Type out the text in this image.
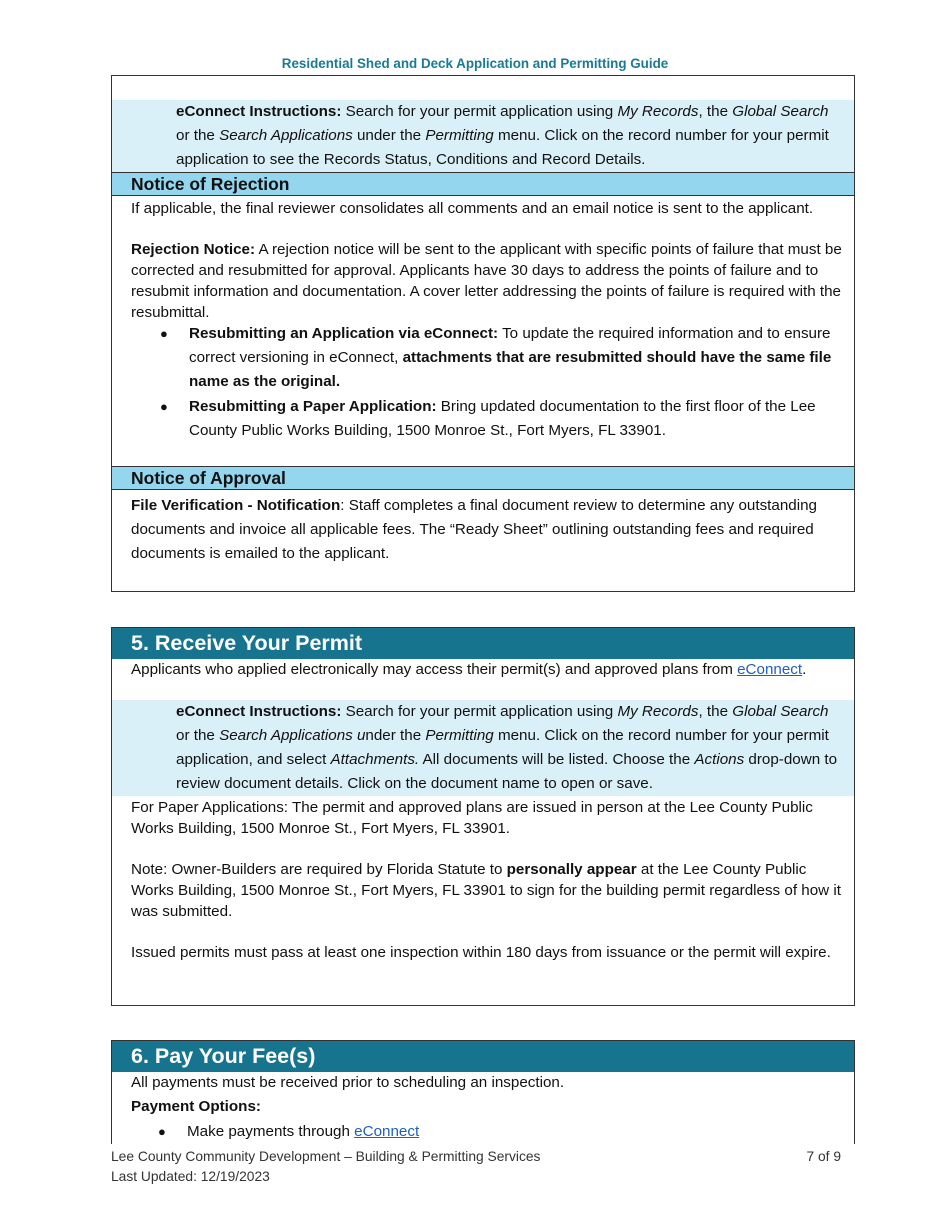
Residential Shed and Deck Application and Permitting Guide
eConnect Instructions: Search for your permit application using My Records, the Global Search or the Search Applications under the Permitting menu. Click on the record number for your permit application to see the Records Status, Conditions and Record Details.
Notice of Rejection
If applicable, the final reviewer consolidates all comments and an email notice is sent to the applicant.
Rejection Notice: A rejection notice will be sent to the applicant with specific points of failure that must be corrected and resubmitted for approval. Applicants have 30 days to address the points of failure and to resubmit information and documentation. A cover letter addressing the points of failure is required with the resubmittal.
● Resubmitting an Application via eConnect: To update the required information and to ensure correct versioning in eConnect, attachments that are resubmitted should have the same file name as the original.
● Resubmitting a Paper Application: Bring updated documentation to the first floor of the Lee County Public Works Building, 1500 Monroe St., Fort Myers, FL 33901.
Notice of Approval
File Verification - Notification: Staff completes a final document review to determine any outstanding documents and invoice all applicable fees. The “Ready Sheet” outlining outstanding fees and required documents is emailed to the applicant.
5. Receive Your Permit
Applicants who applied electronically may access their permit(s) and approved plans from eConnect.
eConnect Instructions: Search for your permit application using My Records, the Global Search or the Search Applications under the Permitting menu. Click on the record number for your permit application, and select Attachments. All documents will be listed. Choose the Actions drop-down to review document details. Click on the document name to open or save.
For Paper Applications: The permit and approved plans are issued in person at the Lee County Public Works Building, 1500 Monroe St., Fort Myers, FL 33901.
Note: Owner-Builders are required by Florida Statute to personally appear at the Lee County Public Works Building, 1500 Monroe St., Fort Myers, FL 33901 to sign for the building permit regardless of how it was submitted.
Issued permits must pass at least one inspection within 180 days from issuance or the permit will expire.
6. Pay Your Fee(s)
All payments must be received prior to scheduling an inspection.
Payment Options:
● Make payments through eConnect
Lee County Community Development – Building & Permitting Services
Last Updated: 12/19/2023
7 of 9
